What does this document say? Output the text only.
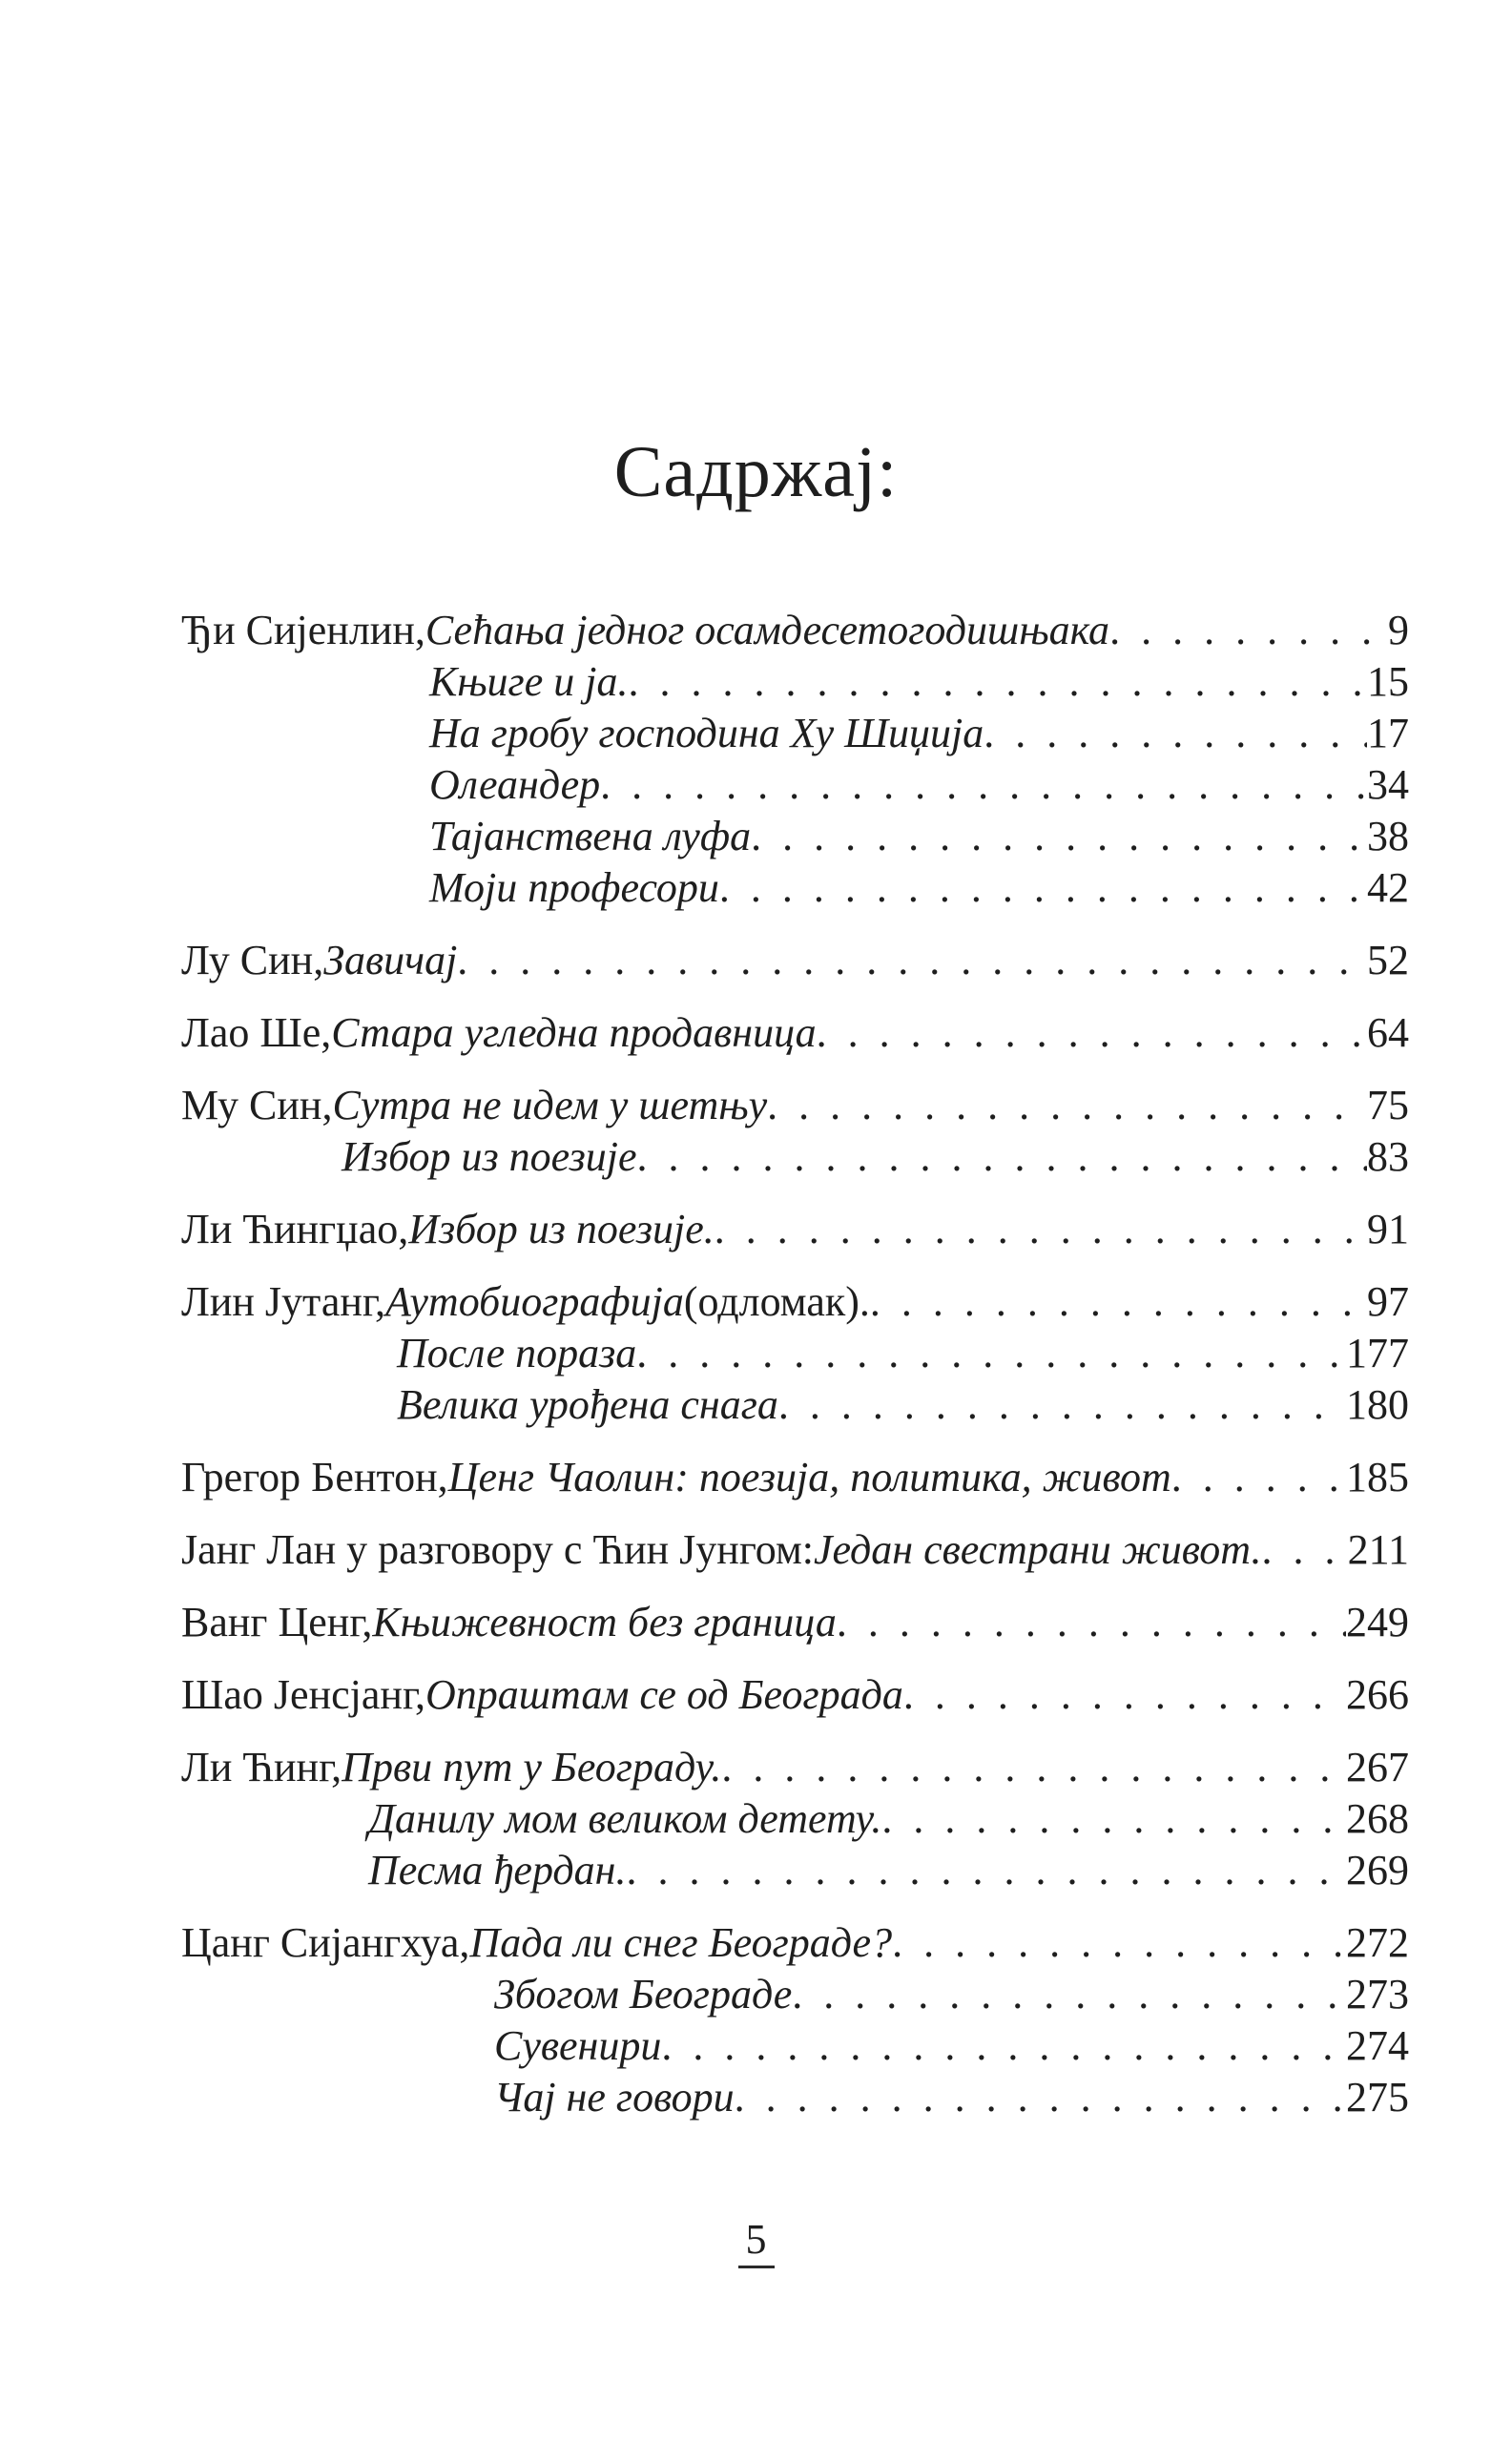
Садржај:
Ђи Сијенлин, Сећања једног осамдесетогодишњака .  .	9
Књиге и ја. .  .	15
На гробу господина Ху Шиџија .  .	17
Олеандер .  .	34
Тајанствена луфа .  .	38
Моји професори .  .	42
Лу Син, Завичај .  .	52
Лао Ше, Стара угледна продавница .  .	64
Му Син, Сутра не идем у шетњу .  .	75
Избор из поезије .  .	83
Ли Ћингџао, Избор из поезије. .  .	91
Лин Јутанг, Аутобиографија (одломак). .  .	97
После пораза .  .	177
Велика урођена снага .  .	180
Грегор Бентон, Ценг Чаолин: поезија, политика, живот .  .	185
Јанг Лан у разговору с Ћин Јунгом: Један свестрани живот. .  . 211
Ванг Ценг, Књижевност без граница .  .	249
Шао Јенсјанг, Опраштам се од Београда .  .	266
Ли Ћинг, Први пут у Београду. .  .	267
Данилу мом великом детету. .  .	268
Песма ђердан. .  .	269
Цанг Сијангхуа, Пада ли снег Београде? .  .	272
Збогом Београде .  .	273
Сувенири .  .	274
Чај не говори .  .	275
5
